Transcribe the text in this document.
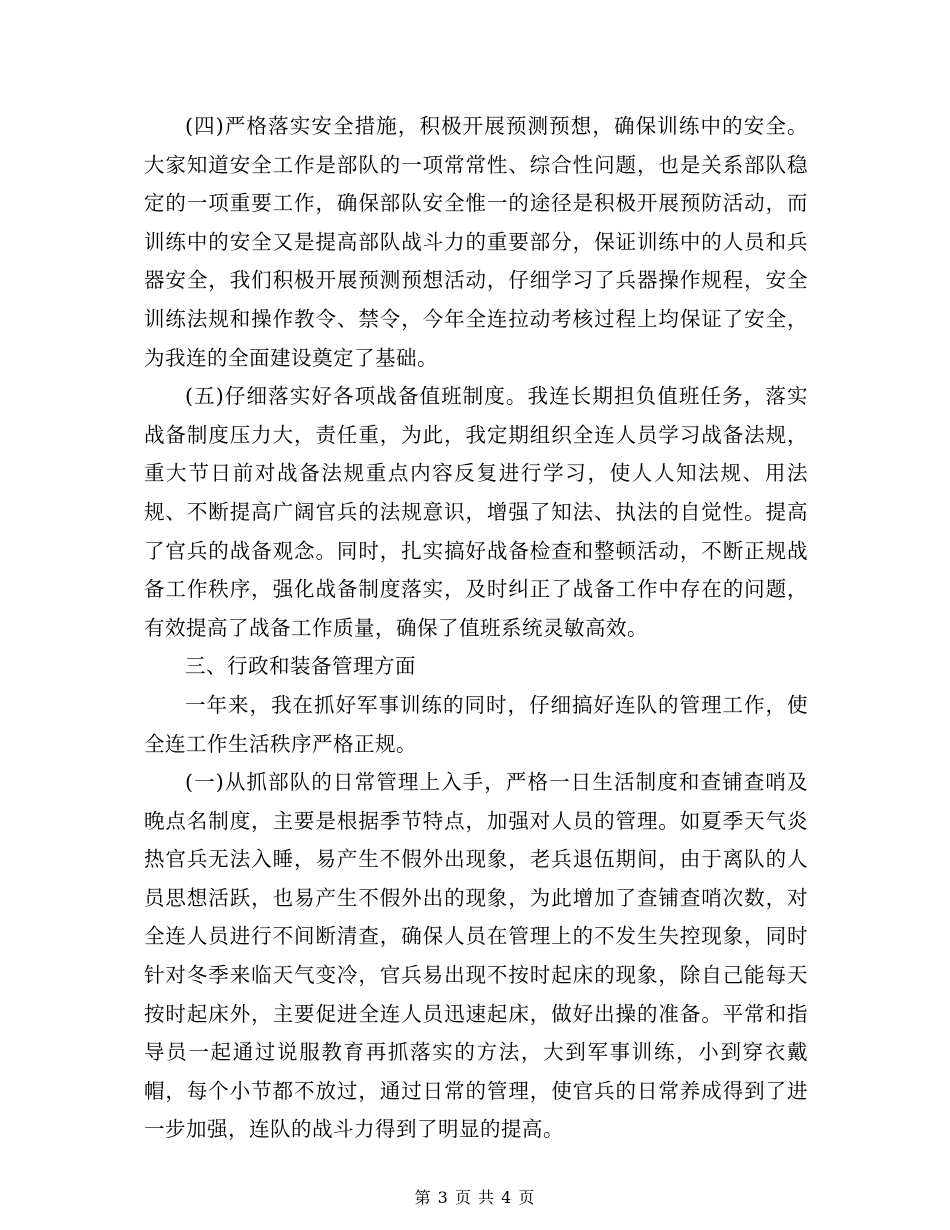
(四)严格落实安全措施，积极开展预测预想，确保训练中的安全。大家知道安全工作是部队的一项常常性、综合性问题，也是关系部队稳定的一项重要工作，确保部队安全惟一的途径是积极开展预防活动，而训练中的安全又是提高部队战斗力的重要部分，保证训练中的人员和兵器安全，我们积极开展预测预想活动，仔细学习了兵器操作规程，安全训练法规和操作教令、禁令，今年全连拉动考核过程上均保证了安全，为我连的全面建设奠定了基础。

(五)仔细落实好各项战备值班制度。我连长期担负值班任务，落实战备制度压力大，责任重，为此，我定期组织全连人员学习战备法规，重大节日前对战备法规重点内容反复进行学习，使人人知法规、用法规、不断提高广阔官兵的法规意识，增强了知法、执法的自觉性。提高了官兵的战备观念。同时，扎实搞好战备检查和整顿活动，不断正规战备工作秩序，强化战备制度落实，及时纠正了战备工作中存在的问题，有效提高了战备工作质量，确保了值班系统灵敏高效。

三、行政和装备管理方面

一年来，我在抓好军事训练的同时，仔细搞好连队的管理工作，使全连工作生活秩序严格正规。

(一)从抓部队的日常管理上入手，严格一日生活制度和查铺查哨及晚点名制度，主要是根据季节特点，加强对人员的管理。如夏季天气炎热官兵无法入睡，易产生不假外出现象，老兵退伍期间，由于离队的人员思想活跃，也易产生不假外出的现象，为此增加了查铺查哨次数，对全连人员进行不间断清查，确保人员在管理上的不发生失控现象，同时针对冬季来临天气变冷，官兵易出现不按时起床的现象，除自己能每天按时起床外，主要促进全连人员迅速起床，做好出操的准备。平常和指导员一起通过说服教育再抓落实的方法，大到军事训练，小到穿衣戴帽，每个小节都不放过，通过日常的管理，使官兵的日常养成得到了进一步加强，连队的战斗力得到了明显的提高。

第 3 页 共 4 页
